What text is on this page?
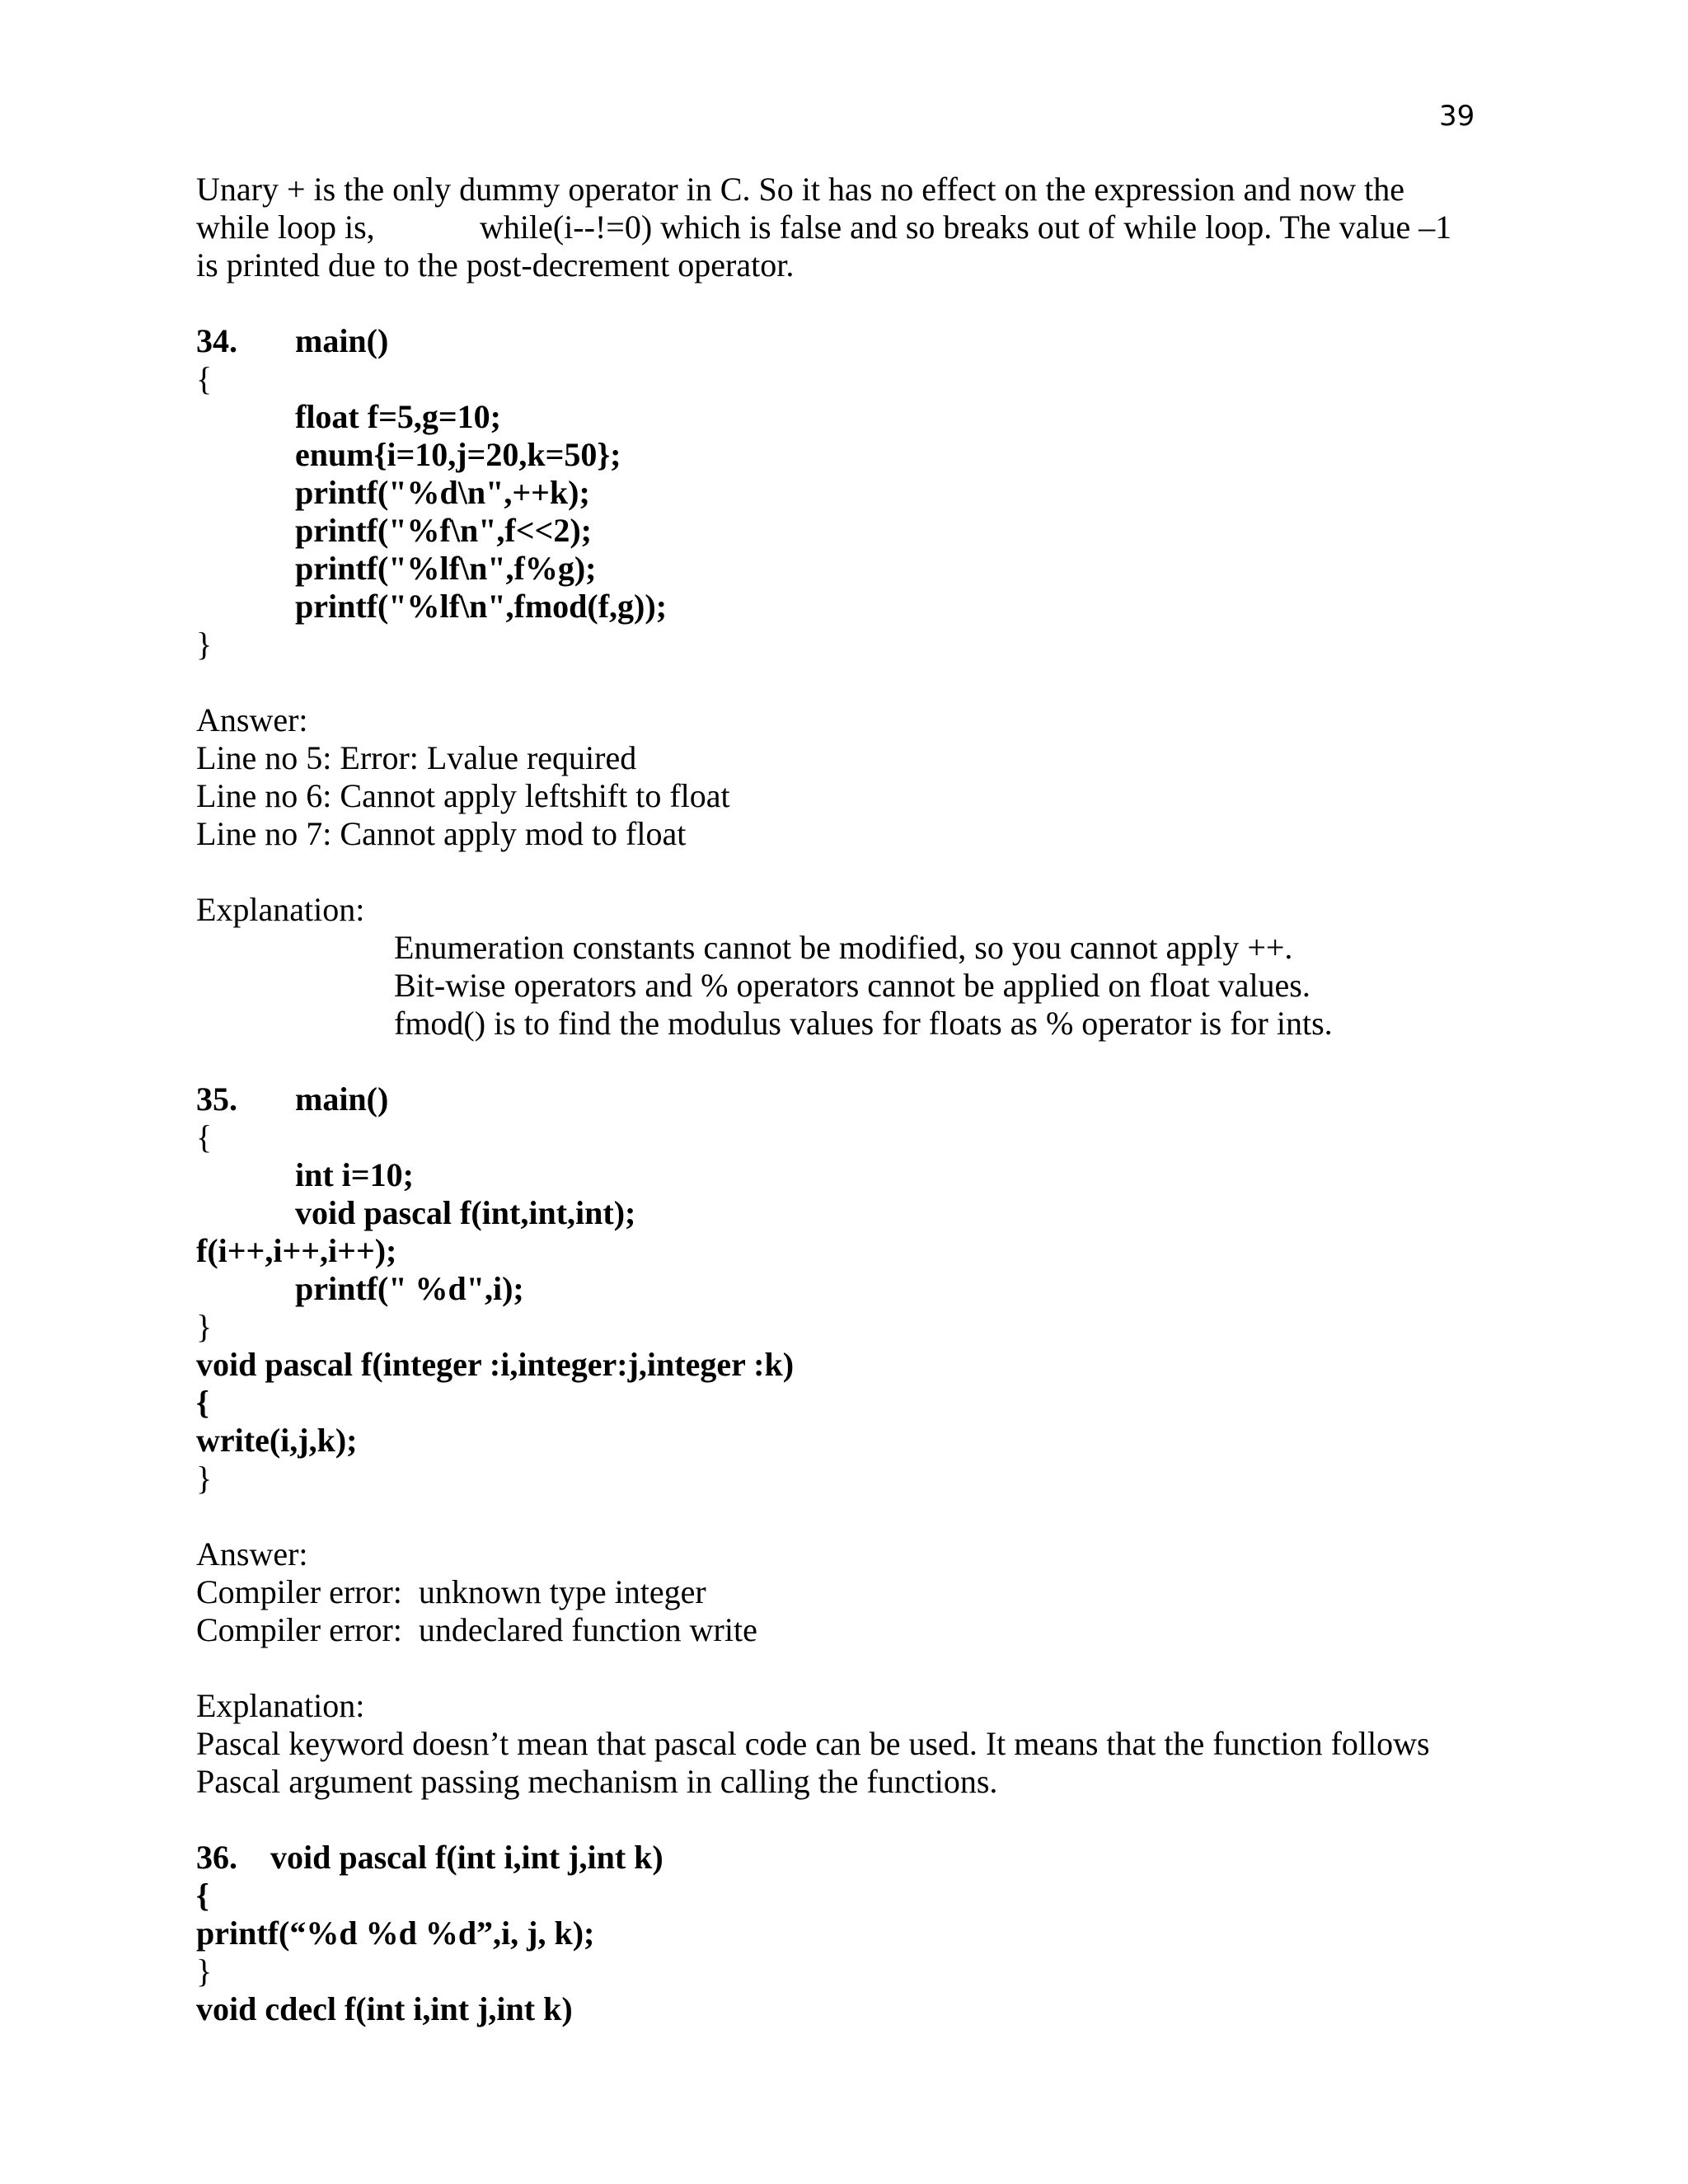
39
Unary + is the only dummy operator in C. So it has no effect on the expression and now the
while loop is,	while(i--!=0) which is false and so breaks out of while loop. The value –1
is printed due to the post-decrement operator.
34. main()
{
float f=5,g=10;
enum{i=10,j=20,k=50};
printf("%d\n",++k);
printf("%f\n",f<<2);
printf("%lf\n",f%g);
printf("%lf\n",fmod(f,g));
}
Answer:
Line no 5: Error: Lvalue required
Line no 6: Cannot apply leftshift to float
Line no 7: Cannot apply mod to float
Explanation:
Enumeration constants cannot be modified, so you cannot apply ++.
Bit-wise operators and % operators cannot be applied on float values.
fmod() is to find the modulus values for floats as % operator is for ints.
35. main()
{
int i=10;
void pascal f(int,int,int);
f(i++,i++,i++);
printf(" %d",i);
}
void pascal f(integer :i,integer:j,integer :k)
{
write(i,j,k);
}
Answer:
Compiler error:  unknown type integer
Compiler error:  undeclared function write
Explanation:
Pascal keyword doesn’t mean that pascal code can be used. It means that the function follows
Pascal argument passing mechanism in calling the functions.
36. void pascal f(int i,int j,int k)
{
printf(“%d %d %d”,i, j, k);
}
void cdecl f(int i,int j,int k)
